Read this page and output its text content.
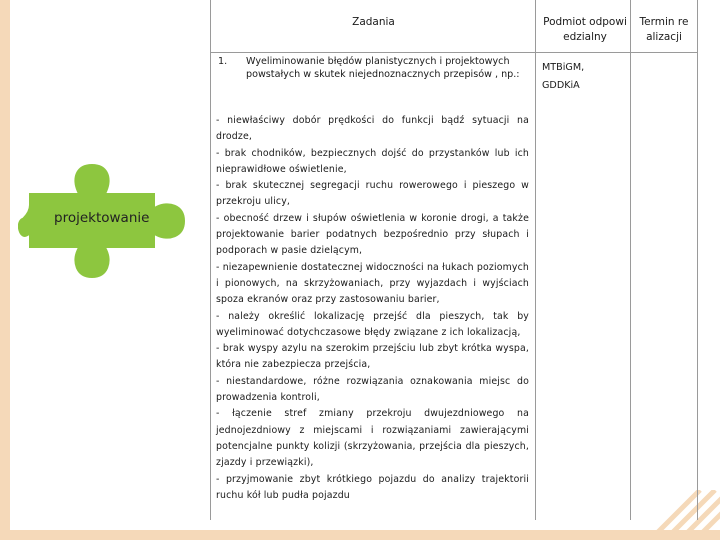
Zadania	Podmiot odpowiedzialny
Termin realizacji
projektowanie
1. Wyeliminowanie błędów planistycznych i projektowych powstałych w skutek niejednoznacznych przepisów , np.:
MTBiGM,
GDDKiA
- niewłaściwy dobór prędkości do funkcji bądź sytuacji na drodze,
- brak chodników, bezpiecznych dojść do przystanków lub ich nieprawidłowe oświetlenie,
- brak skutecznej segregacji ruchu rowerowego i pieszego w przekroju ulicy,
- obecność drzew i słupów oświetlenia w koronie drogi, a także projektowanie barier podatnych bezpośrednio przy słupach i podporach w pasie dzielącym,
- niezapewnienie dostatecznej widoczności na łukach poziomych i pionowych, na skrzyżowaniach, przy wyjazdach i wyjściach spoza ekranów oraz przy zastosowaniu barier,
- należy określić lokalizację przejść dla pieszych, tak by wyeliminować dotychczasowe błędy związane z ich lokalizacją,
- brak wyspy azylu na szerokim przejściu lub zbyt krótka wyspa, która nie zabezpiecza przejścia,
- niestandardowe, różne rozwiązania oznakowania miejsc do prowadzenia kontroli,
- łączenie stref zmiany przekroju dwujezdniowego na jednojezdniowy z miejscami i rozwiązaniami zawierającymi potencjalne punkty kolizji (skrzyżowania, przejścia dla pieszych, zjazdy i przewiązki),
- przyjmowanie zbyt krótkiego pojazdu do analizy trajektorii ruchu kół lub pudła pojazdu
